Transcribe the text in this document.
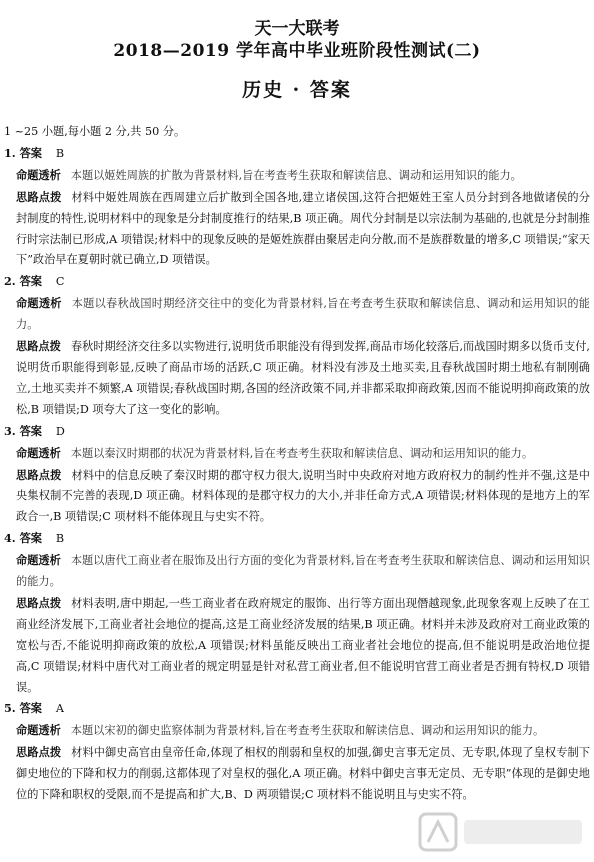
天一大联考
2018—2019 学年高中毕业班阶段性测试(二)
历史 · 答案

1 ~25 小题,每小题 2 分,共 50 分。

1. 答案 B

命题透析 本题以姬姓周族的扩散为背景材料,旨在考查考生获取和解读信息、调动和运用知识的能力。

思路点拨 材料中姬姓周族在西周建立后扩散到全国各地,建立诸侯国,这符合把姬姓王室人员分封到各地做诸侯的分封制度的特性,说明材料中的现象是分封制度推行的结果,B 项正确。周代分封制是以宗法制为基础的,也就是分封制推行时宗法制已形成,A 项错误;材料中的现象反映的是姬姓族群由聚居走向分散,而不是族群数量的增多,C 项错误;“家天下”政治早在夏朝时就已确立,D 项错误。

2. 答案 C

命题透析 本题以春秋战国时期经济交往中的变化为背景材料,旨在考查考生获取和解读信息、调动和运用知识的能力。

思路点拨 春秋时期经济交往多以实物进行,说明货币职能没有得到发挥,商品市场化较落后,而战国时期多以货币支付,说明货币职能得到彰显,反映了商品市场的活跃,C 项正确。材料没有涉及土地买卖,且春秋战国时期土地私有制刚确立,土地买卖并不频繁,A 项错误;春秋战国时期,各国的经济政策不同,并非都采取抑商政策,因而不能说明抑商政策的放松,B 项错误;D 项夸大了这一变化的影响。

3. 答案 D

命题透析 本题以秦汉时期郡的状况为背景材料,旨在考查考生获取和解读信息、调动和运用知识的能力。

思路点拨 材料中的信息反映了秦汉时期的郡守权力很大,说明当时中央政府对地方政府权力的制约性并不强,这是中央集权制不完善的表现,D 项正确。材料体现的是郡守权力的大小,并非任命方式,A 项错误;材料体现的是地方上的军政合一,B 项错误;C 项材料不能体现且与史实不符。

4. 答案 B

命题透析 本题以唐代工商业者在服饰及出行方面的变化为背景材料,旨在考查考生获取和解读信息、调动和运用知识的能力。

思路点拨 材料表明,唐中期起,一些工商业者在政府规定的服饰、出行等方面出现僭越现象,此现象客观上反映了在工商业经济发展下,工商业者社会地位的提高,这是工商业经济发展的结果,B 项正确。材料并未涉及政府对工商业政策的宽松与否,不能说明抑商政策的放松,A 项错误;材料虽能反映出工商业者社会地位的提高,但不能说明是政治地位提高,C 项错误;材料中唐代对工商业者的规定明显是针对私营工商业者,但不能说明官营工商业者是否拥有特权,D 项错误。

5. 答案 A

命题透析 本题以宋初的御史监察体制为背景材料,旨在考查考生获取和解读信息、调动和运用知识的能力。

思路点拨 材料中御史高官由皇帝任命,体现了相权的削弱和皇权的加强,御史言事无定员、无专职,体现了皇权专制下御史地位的下降和权力的削弱,这都体现了对皇权的强化,A 项正确。材料中御史言事无定员、无专职”体现的是御史地位的下降和职权的受限,而不是提高和扩大,B、D 两项错误;C 项材料不能说明且与史实不符。
